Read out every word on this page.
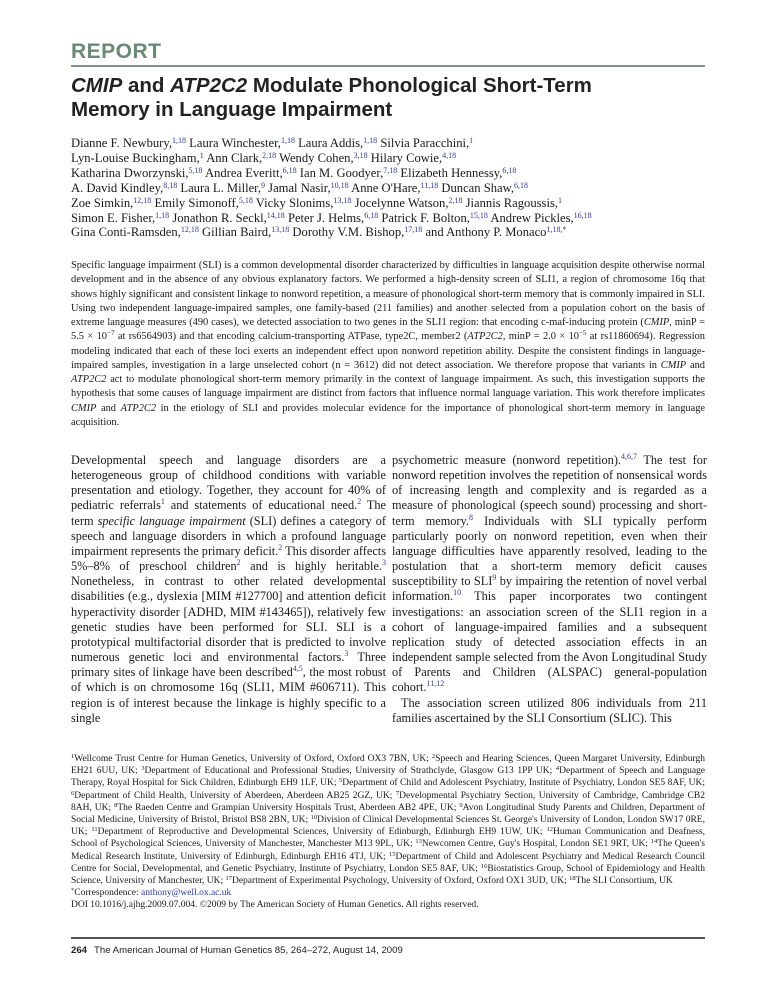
REPORT
CMIP and ATP2C2 Modulate Phonological Short-Term
Memory in Language Impairment
Dianne F. Newbury,$^{1,18}$ Laura Winchester,$^{1,18}$ Laura Addis,$^{1,18}$ Silvia Paracchini,$^1$
Lyn-Louise Buckingham,$^1$ Ann Clark,$^{2,18}$ Wendy Cohen,$^{3,18}$ Hilary Cowie,$^{4,18}$
Katharina Dworzynski,$^{5,18}$ Andrea Everitt,$^{6,18}$ Ian M. Goodyer,$^{7,18}$ Elizabeth Hennessy,$^{6,18}$
A. David Kindley,$^{8,18}$ Laura L. Miller,$^9$ Jamal Nasir,$^{10,18}$ Anne O'Hare,$^{11,18}$ Duncan Shaw,$^{6,18}$
Zoe Simkin,$^{12,18}$ Emily Simonoff,$^{5,18}$ Vicky Slonims,$^{13,18}$ Jocelynne Watson,$^{2,18}$ Jiannis Ragoussis,$^1$
Simon E. Fisher,$^{1,18}$ Jonathon R. Seckl,$^{14,18}$ Peter J. Helms,$^{6,18}$ Patrick F. Bolton,$^{15,18}$ Andrew Pickles,$^{16,18}$
Gina Conti-Ramsden,$^{12,18}$ Gillian Baird,$^{13,18}$ Dorothy V.M. Bishop,$^{17,18}$ and Anthony P. Monaco$^{1,18,*}$

Specific language impairment (SLI) is a common developmental disorder characterized by difficulties in language acquisition despite otherwise normal development and in the absence of any obvious explanatory factors. We performed a high-density screen of SLI1, a region of chromosome 16q that shows highly significant and consistent linkage to nonword repetition, a measure of phonological short-term memory that is commonly impaired in SLI. Using two independent language-impaired samples, one family-based (211 families) and another selected from a population cohort on the basis of extreme language measures (490 cases), we detected association to two genes in the SLI1 region: that encoding c-maf-inducing protein (CMIP, $\min P = 5.5 \times 10^{-7}$ at rs6564903) and that encoding calcium-transporting ATPase, type2C, member2 (ATP2C2, $\min P = 2.0 \times 10^{-5}$ at rs11860694). Regression modeling indicated that each of these loci exerts an independent effect upon nonword repetition ability. Despite the consistent findings in language-impaired samples, investigation in a large unselected cohort (n = 3612) did not detect association. We therefore propose that variants in CMIP and ATP2C2 act to modulate phonological short-term memory primarily in the context of language impairment. As such, this investigation supports the hypothesis that some causes of language impairment are distinct from factors that influence normal language variation. This work therefore implicates CMIP and ATP2C2 in the etiology of SLI and provides molecular evidence for the importance of phonological short-term memory in language acquisition.

Developmental speech and language disorders are a heterogeneous group of childhood conditions with variable presentation and etiology. Together, they account for 40% of pediatric referrals$^1$ and statements of educational need.$^2$ The term specific language impairment (SLI) defines a category of speech and language disorders in which a profound language impairment represents the primary deficit.$^2$ This disorder affects 5%–8% of preschool children$^2$ and is highly heritable.$^3$ Nonetheless, in contrast to other related developmental disabilities (e.g., dyslexia [MIM #127700] and attention deficit hyperactivity disorder [ADHD, MIM #143465]), relatively few genetic studies have been performed for SLI. SLI is a prototypical multifactorial disorder that is predicted to involve numerous genetic loci and environmental factors.$^3$ Three primary sites of linkage have been described$^{4,5}$, the most robust of which is on chromosome 16q (SLI1, MIM #606711). This region is of interest because the linkage is highly specific to a single

psychometric measure (nonword repetition).$^{4,6,7}$ The test for nonword repetition involves the repetition of nonsensical words of increasing length and complexity and is regarded as a measure of phonological (speech sound) processing and short-term memory.$^8$ Individuals with SLI typically perform particularly poorly on nonword repetition, even when their language difficulties have apparently resolved, leading to the postulation that a short-term memory deficit causes susceptibility to SLI$^9$ by impairing the retention of novel verbal information.$^{10}$ This paper incorporates two contingent investigations: an association screen of the SLI1 region in a cohort of language-impaired families and a subsequent replication study of detected association effects in an independent sample selected from the Avon Longitudinal Study of Parents and Children (ALSPAC) general-population cohort.$^{11,12}$

The association screen utilized 806 individuals from 211 families ascertained by the SLI Consortium (SLIC). This

$^1$Wellcome Trust Centre for Human Genetics, University of Oxford, Oxford OX3 7BN, UK; $^2$Speech and Hearing Sciences, Queen Margaret University, Edinburgh EH21 6UU, UK; $^3$Department of Educational and Professional Studies, University of Strathclyde, Glasgow G13 1PP UK; $^4$Department of Speech and Language Therapy, Royal Hospital for Sick Children, Edinburgh EH9 1LF, UK; $^5$Department of Child and Adolescent Psychiatry, Institute of Psychiatry, London SE5 8AF, UK; $^6$Department of Child Health, University of Aberdeen, Aberdeen AB25 2GZ, UK; $^7$Developmental Psychiatry Section, University of Cambridge, Cambridge CB2 8AH, UK; $^8$The Raeden Centre and Grampian University Hospitals Trust, Aberdeen AB2 4PE, UK; $^9$Avon Longitudinal Study Parents and Children, Department of Social Medicine, University of Bristol, Bristol BS8 2BN, UK; $^{10}$Division of Clinical Developmental Sciences St. George's University of London, London SW17 0RE, UK; $^{11}$Department of Reproductive and Developmental Sciences, University of Edinburgh, Edinburgh EH9 1UW, UK; $^{12}$Human Communication and Deafness, School of Psychological Sciences, University of Manchester, Manchester M13 9PL, UK; $^{13}$Newcomen Centre, Guy's Hospital, London SE1 9RT, UK; $^{14}$The Queen's Medical Research Institute, University of Edinburgh, Edinburgh EH16 4TJ, UK; $^{15}$Department of Child and Adolescent Psychiatry and Medical Research Council Centre for Social, Developmental, and Genetic Psychiatry, Institute of Psychiatry, London SE5 8AF, UK; $^{16}$Biostatistics Group, School of Epidemiology and Health Science, University of Manchester, UK; $^{17}$Department of Experimental Psychology, University of Oxford, Oxford OX1 3UD, UK; $^{18}$The SLI Consortium, UK
*Correspondence: anthony@well.ox.ac.uk
DOI 10.1016/j.ajhg.2009.07.004. ©2009 by The American Society of Human Genetics. All rights reserved.
264 The American Journal of Human Genetics 85, 264–272, August 14, 2009
